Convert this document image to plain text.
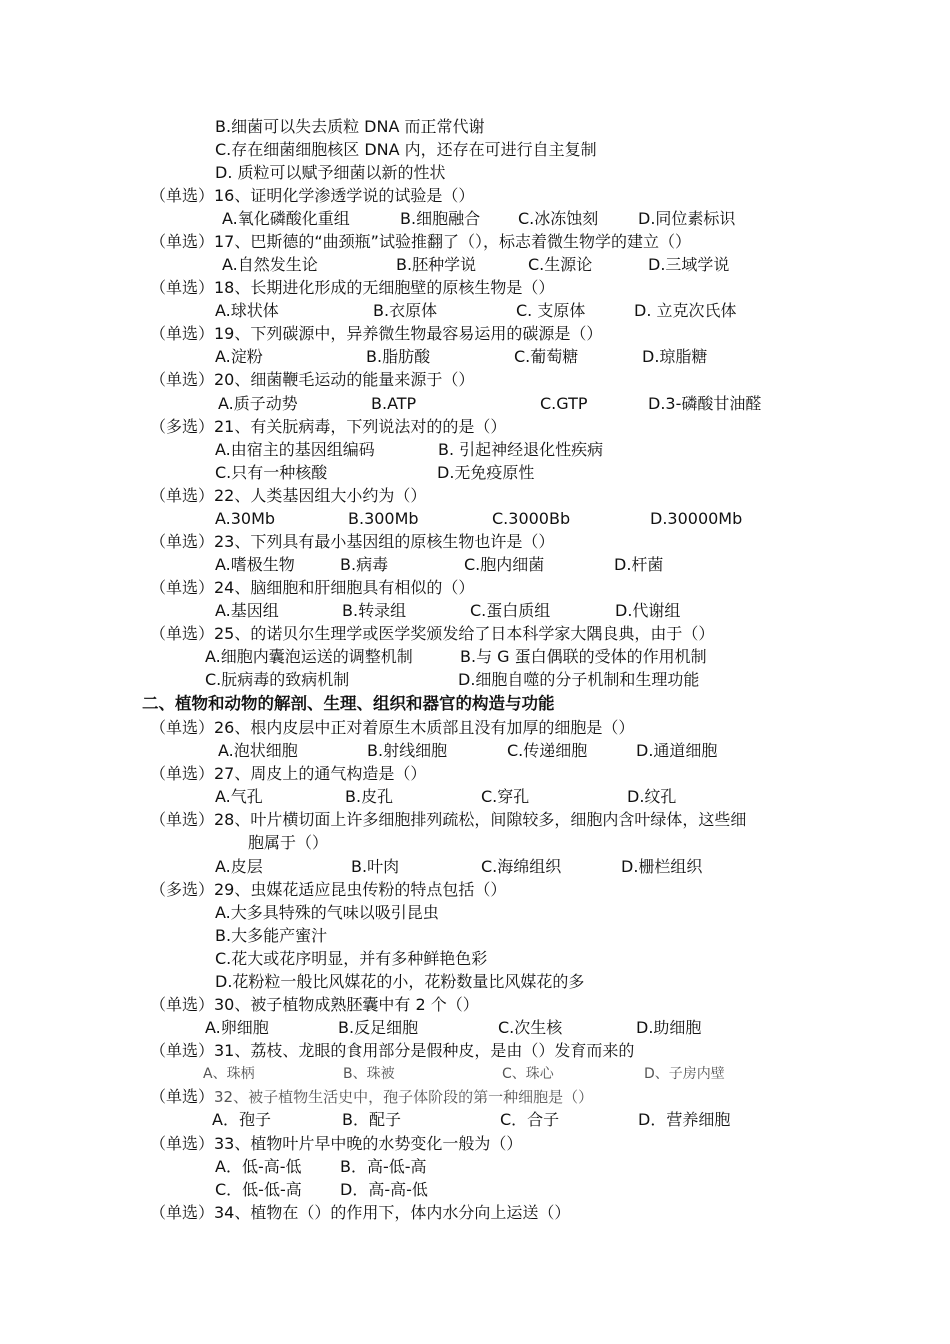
B.细菌可以失去质粒 DNA 而正常代谢
C.存在细菌细胞核区 DNA 内，还存在可进行自主复制
D. 质粒可以赋予细菌以新的性状
（单选）16、证明化学渗透学说的试验是（）
A.氧化磷酸化重组	B.细胞融合 C.冰冻蚀刻 D.同位素标识
（单选）17、巴斯德的“曲颈瓶”试验推翻了（），标志着微生物学的建立（）
A.自然发生论	B.胚种学说	C.生源论	D.三域学说
（单选）18、长期进化形成的无细胞壁的原核生物是（）
A.球状体	B.衣原体	C. 支原体	D. 立克次氏体
（单选）19、下列碳源中，异养微生物最容易运用的碳源是（）
A.淀粉	B.脂肪酸	C.葡萄糖	D.琼脂糖
（单选）20、细菌鞭毛运动的能量来源于（）
A.质子动势	B.ATP	C.GTP	D.3-磷酸甘油醛
（多选）21、有关朊病毒，下列说法对的的是（）
A.由宿主的基因组编码	B. 引起神经退化性疾病
C.只有一种核酸	D.无免疫原性
（单选）22、人类基因组大小约为（）
A.30Mb	B.300Mb	C.3000Bb	D.30000Mb
（单选）23、下列具有最小基因组的原核生物也许是（）
A.嗜极生物	B.病毒	C.胞内细菌	D.杆菌
（单选）24、脑细胞和肝细胞具有相似的（）
A.基因组	B.转录组	C.蛋白质组	D.代谢组
（单选）25、的诺贝尔生理学或医学奖颁发给了日本科学家大隅良典，由于（）
A.细胞内囊泡运送的调整机制	B.与 G 蛋白偶联的受体的作用机制
C.朊病毒的致病机制	D.细胞自噬的分子机制和生理功能
二、植物和动物的解剖、生理、组织和器官的构造与功能
（单选）26、根内皮层中正对着原生木质部且没有加厚的细胞是（）
A.泡状细胞	B.射线细胞	C.传递细胞	D.通道细胞
（单选）27、周皮上的通气构造是（）
A.气孔	B.皮孔	C.穿孔	D.纹孔
（单选）28、叶片横切面上许多细胞排列疏松，间隙较多，细胞内含叶绿体，这些细
胞属于（）
A.皮层	B.叶肉	C.海绵组织	D.栅栏组织
（多选）29、虫媒花适应昆虫传粉的特点包括（）
A.大多具特殊的气味以吸引昆虫
B.大多能产蜜汁
C.花大或花序明显，并有多种鲜艳色彩
D.花粉粒一般比风媒花的小，花粉数量比风媒花的多
（单选）30、被子植物成熟胚囊中有 2 个（）
A.卵细胞	B.反足细胞	C.次生核	D.助细胞
（单选）31、荔枝、龙眼的食用部分是假种皮，是由（）发育而来的
A、珠柄	B、珠被	C、珠心	D、子房内壁
（单选） 32、被子植物生活史中，孢子体阶段的第一种细胞是（）
A．孢子	B．配子	C．合子	D．营养细胞
（单选）33、植物叶片早中晚的水势变化一般为（）
A．低-高-低 B．高-低-高
C．低-低-高 D．高-高-低
（单选）34、植物在（）的作用下，体内水分向上运送（）
